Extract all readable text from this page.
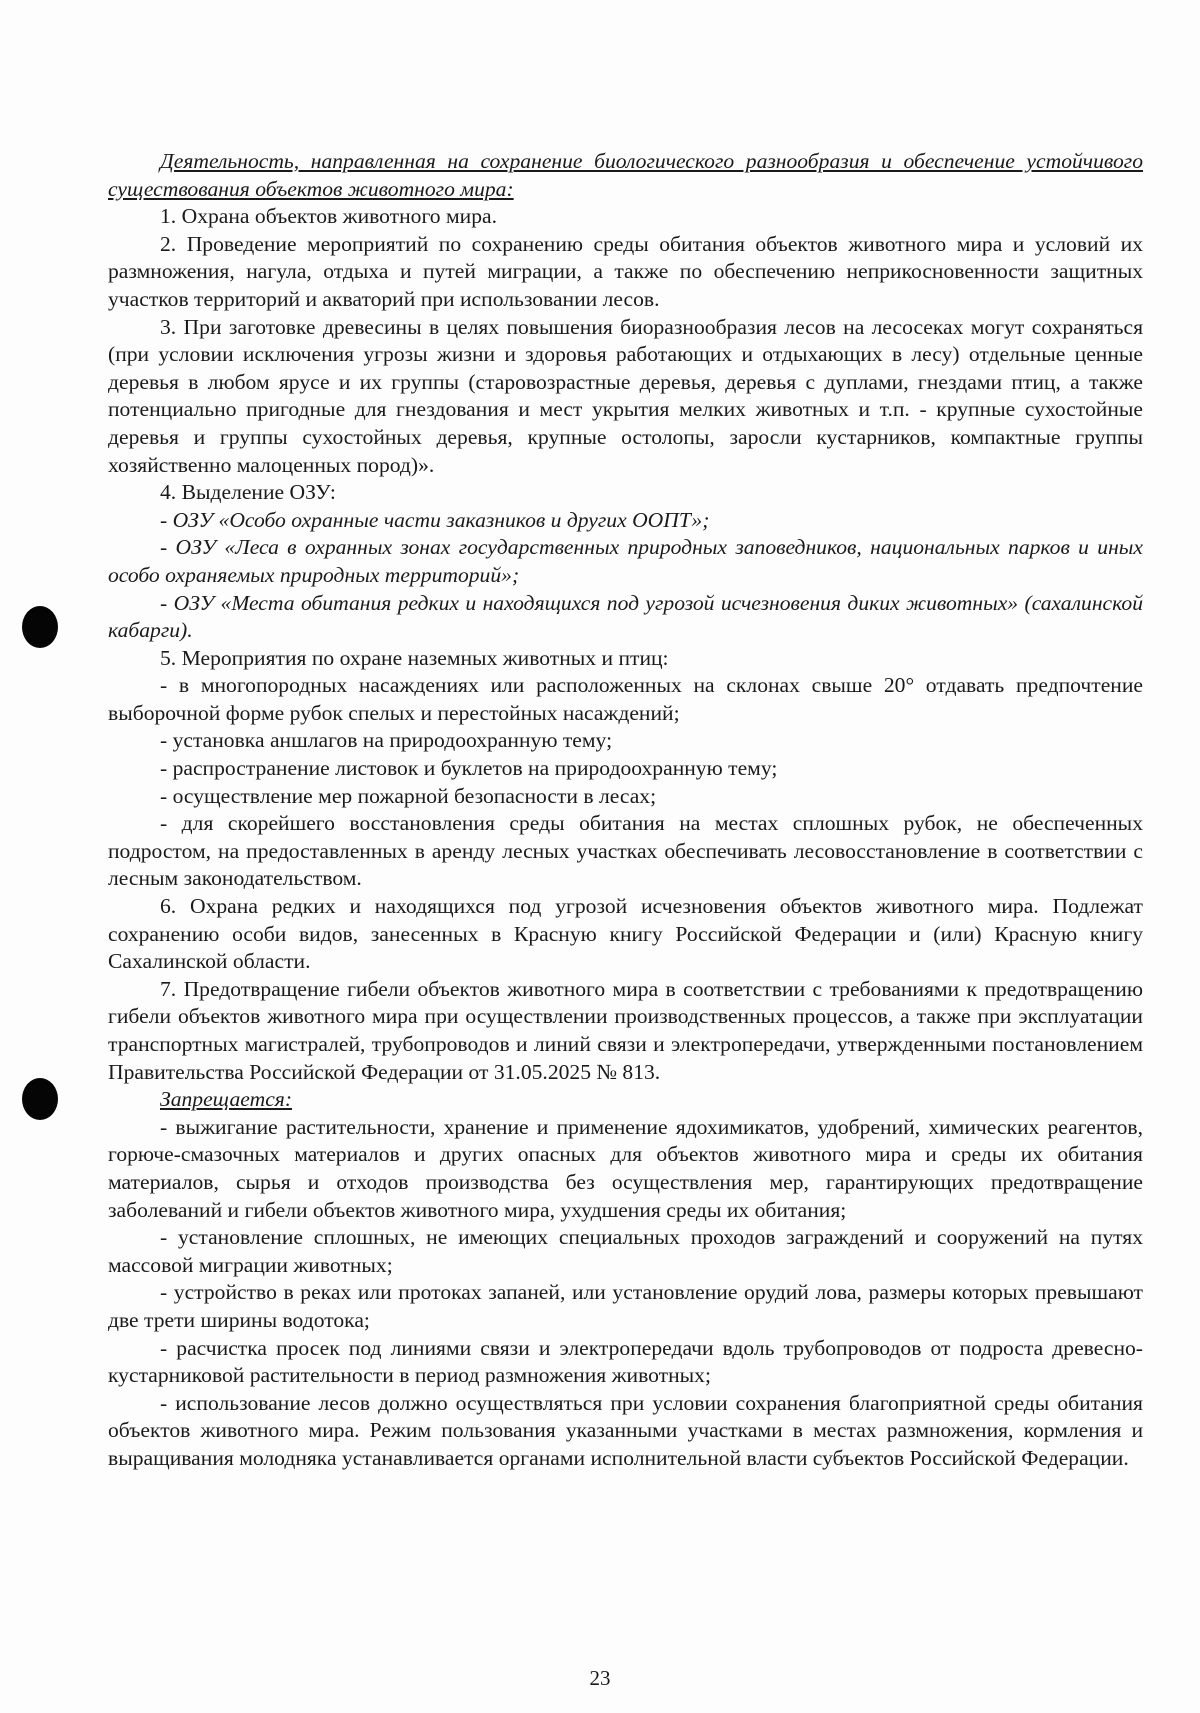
Деятельность, направленная на сохранение биологического разнообразия и обеспечение устойчивого существования объектов животного мира:

1. Охрана объектов животного мира.

2. Проведение мероприятий по сохранению среды обитания объектов животного мира и условий их размножения, нагула, отдыха и путей миграции, а также по обеспечению неприкосновенности защитных участков территорий и акваторий при использовании лесов.

3. При заготовке древесины в целях повышения биоразнообразия лесов на лесосеках могут сохраняться (при условии исключения угрозы жизни и здоровья работающих и отдыхающих в лесу) отдельные ценные деревья в любом ярусе и их группы (старовозрастные деревья, деревья с дуплами, гнездами птиц, а также потенциально пригодные для гнездования и мест укрытия мелких животных и т.п. - крупные сухостойные деревья и группы сухостойных деревья, крупные остолопы, заросли кустарников, компактные группы хозяйственно малоценных пород)».

4. Выделение ОЗУ:

- ОЗУ «Особо охранные части заказников и других ООПТ»;

- ОЗУ «Леса в охранных зонах государственных природных заповедников, национальных парков и иных особо охраняемых природных территорий»;

- ОЗУ «Места обитания редких и находящихся под угрозой исчезновения диких животных» (сахалинской кабарги).

5. Мероприятия по охране наземных животных и птиц:

- в многопородных насаждениях или расположенных на склонах свыше 20° отдавать предпочтение выборочной форме рубок спелых и перестойных насаждений;

- установка аншлагов на природоохранную тему;

- распространение листовок и буклетов на природоохранную тему;

- осуществление мер пожарной безопасности в лесах;

- для скорейшего восстановления среды обитания на местах сплошных рубок, не обеспеченных подростом, на предоставленных в аренду лесных участках обеспечивать лесовосстановление в соответствии с лесным законодательством.

6. Охрана редких и находящихся под угрозой исчезновения объектов животного мира. Подлежат сохранению особи видов, занесенных в Красную книгу Российской Федерации и (или) Красную книгу Сахалинской области.

7. Предотвращение гибели объектов животного мира в соответствии с требованиями к предотвращению гибели объектов животного мира при осуществлении производственных процессов, а также при эксплуатации транспортных магистралей, трубопроводов и линий связи и электропередачи, утвержденными постановлением Правительства Российской Федерации от 31.05.2025 № 813.

Запрещается:

- выжигание растительности, хранение и применение ядохимикатов, удобрений, химических реагентов, горюче-смазочных материалов и других опасных для объектов животного мира и среды их обитания материалов, сырья и отходов производства без осуществления мер, гарантирующих предотвращение заболеваний и гибели объектов животного мира, ухудшения среды их обитания;

- установление сплошных, не имеющих специальных проходов заграждений и сооружений на путях массовой миграции животных;

- устройство в реках или протоках запаней, или установление орудий лова, размеры которых превышают две трети ширины водотока;

- расчистка просек под линиями связи и электропередачи вдоль трубопроводов от подроста древесно-кустарниковой растительности в период размножения животных;

- использование лесов должно осуществляться при условии сохранения благоприятной среды обитания объектов животного мира. Режим пользования указанными участками в местах размножения, кормления и выращивания молодняка устанавливается органами исполнительной власти субъектов Российской Федерации.

23
